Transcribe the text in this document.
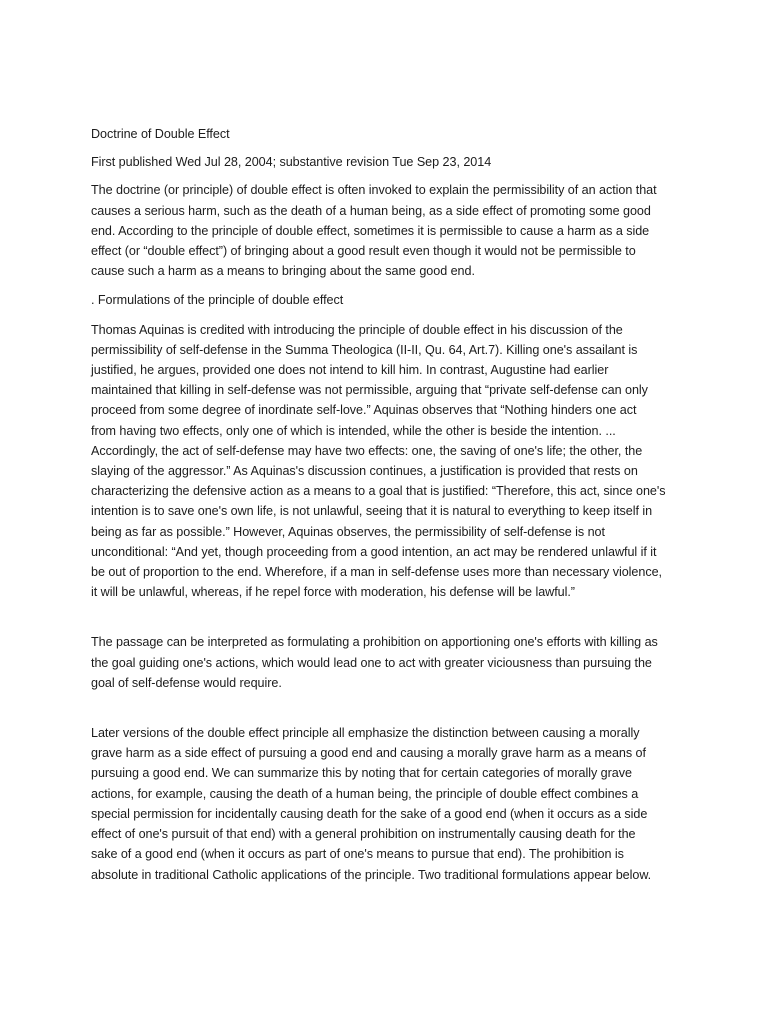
Doctrine of Double Effect

First published Wed Jul 28, 2004; substantive revision Tue Sep 23, 2014

The doctrine (or principle) of double effect is often invoked to explain the permissibility of an action that

causes a serious harm, such as the death of a human being, as a side effect of promoting some good

end. According to the principle of double effect, sometimes it is permissible to cause a harm as a side

effect (or “double effect”) of bringing about a good result even though it would not be permissible to

cause such a harm as a means to bringing about the same good end.

. Formulations of the principle of double effect

Thomas Aquinas is credited with introducing the principle of double effect in his discussion of the

permissibility of self-defense in the Summa Theologica (II-II, Qu. 64, Art.7). Killing one's assailant is

justified, he argues, provided one does not intend to kill him. In contrast, Augustine had earlier

maintained that killing in self-defense was not permissible, arguing that “private self-defense can only

proceed from some degree of inordinate self-love.” Aquinas observes that “Nothing hinders one act

from having two effects, only one of which is intended, while the other is beside the intention. ...

Accordingly, the act of self-defense may have two effects: one, the saving of one's life; the other, the

slaying of the aggressor.” As Aquinas's discussion continues, a justification is provided that rests on

characterizing the defensive action as a means to a goal that is justified: “Therefore, this act, since one's

intention is to save one's own life, is not unlawful, seeing that it is natural to everything to keep itself in

being as far as possible.” However, Aquinas observes, the permissibility of self-defense is not

unconditional: “And yet, though proceeding from a good intention, an act may be rendered unlawful if it

be out of proportion to the end. Wherefore, if a man in self-defense uses more than necessary violence,

it will be unlawful, whereas, if he repel force with moderation, his defense will be lawful.”

The passage can be interpreted as formulating a prohibition on apportioning one's efforts with killing as

the goal guiding one's actions, which would lead one to act with greater viciousness than pursuing the

goal of self-defense would require.

Later versions of the double effect principle all emphasize the distinction between causing a morally

grave harm as a side effect of pursuing a good end and causing a morally grave harm as a means of

pursuing a good end. We can summarize this by noting that for certain categories of morally grave

actions, for example, causing the death of a human being, the principle of double effect combines a

special permission for incidentally causing death for the sake of a good end (when it occurs as a side

effect of one's pursuit of that end) with a general prohibition on instrumentally causing death for the

sake of a good end (when it occurs as part of one's means to pursue that end). The prohibition is

absolute in traditional Catholic applications of the principle. Two traditional formulations appear below.
